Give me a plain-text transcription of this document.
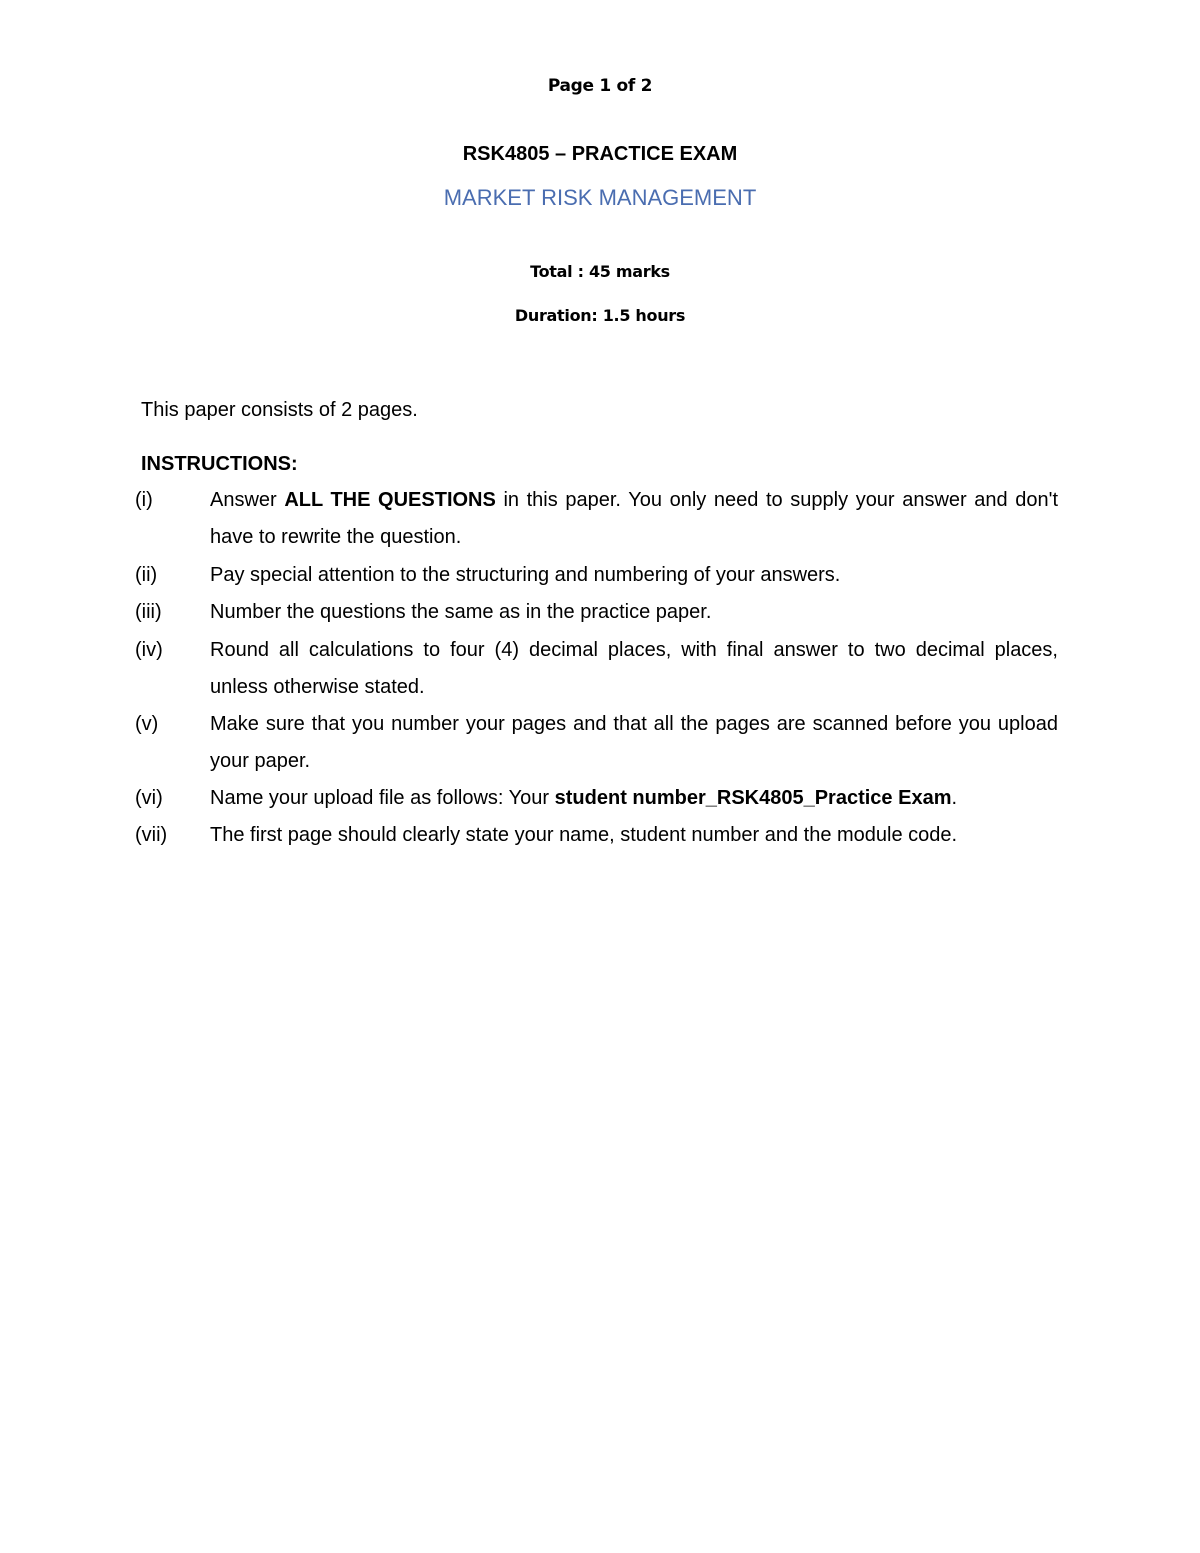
Page 1 of 2
RSK4805 – PRACTICE EXAM
MARKET RISK MANAGEMENT
Total : 45 marks
Duration: 1.5 hours
This paper consists of 2 pages.
INSTRUCTIONS:
(i)	Answer ALL THE QUESTIONS in this paper. You only need to supply your answer and don't have to rewrite the question.
(ii)	Pay special attention to the structuring and numbering of your answers.
(iii) Number the questions the same as in the practice paper.
(iv) Round all calculations to four (4) decimal places, with final answer to two decimal places, unless otherwise stated.
(v)	Make sure that you number your pages and that all the pages are scanned before you upload your paper.
(vi) Name your upload file as follows: Your student number_RSK4805_Practice Exam.
(vii) The first page should clearly state your name, student number and the module code.
